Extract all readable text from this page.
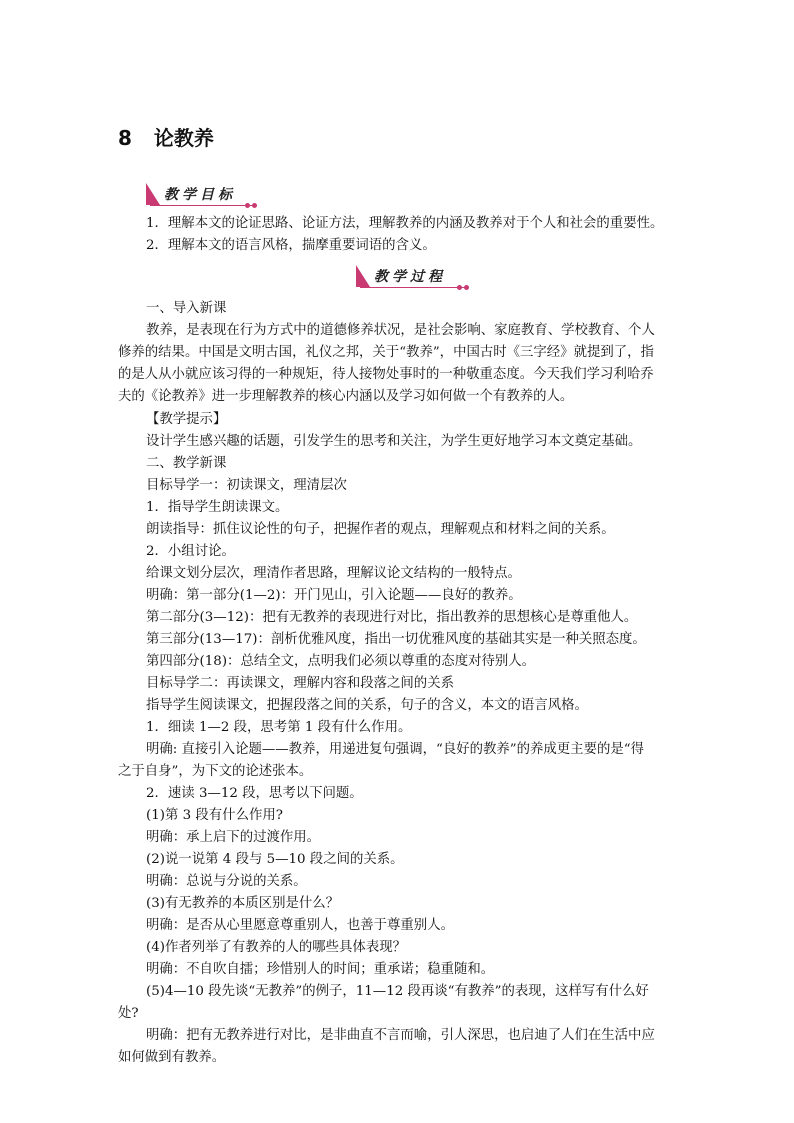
8 论教养
教学目标
教学过程
1．理解本文的论证思路、论证方法，理解教养的内涵及教养对于个人和社会的重要性。
2．理解本文的语言风格，揣摩重要词语的含义。
一、导入新课
教养，是表现在行为方式中的道德修养状况，是社会影响、家庭教育、学校教育、个人
修养的结果。中国是文明古国，礼仪之邦，关于“教养”，中国古时《三字经》就提到了，指
的是人从小就应该习得的一种规矩，待人接物处事时的一种敬重态度。今天我们学习利哈乔
夫的《论教养》进一步理解教养的核心内涵以及学习如何做一个有教养的人。
【教学提示】
设计学生感兴趣的话题，引发学生的思考和关注，为学生更好地学习本文奠定基础。
二、教学新课
目标导学一：初读课文，理清层次
1．指导学生朗读课文。
朗读指导：抓住议论性的句子，把握作者的观点，理解观点和材料之间的关系。
2．小组讨论。
给课文划分层次，理清作者思路，理解议论文结构的一般特点。
明确：第一部分(1—2)：开门见山，引入论题——良好的教养。
第二部分(3—12)：把有无教养的表现进行对比，指出教养的思想核心是尊重他人。
第三部分(13—17)：剖析优雅风度，指出一切优雅风度的基础其实是一种关照态度。
第四部分(18)：总结全文，点明我们必须以尊重的态度对待别人。
目标导学二：再读课文，理解内容和段落之间的关系
指导学生阅读课文，把握段落之间的关系，句子的含义，本文的语言风格。
1．细读 1—2 段，思考第 1 段有什么作用。
明确: 直接引入论题——教养，用递进复句强调，“良好的教养”的养成更主要的是“得
之于自身”，为下文的论述张本。
2．速读 3—12 段，思考以下问题。
(1)第 3 段有什么作用?
明确：承上启下的过渡作用。
(2)说一说第 4 段与 5—10 段之间的关系。
明确：总说与分说的关系。
(3)有无教养的本质区别是什么？
明确：是否从心里愿意尊重别人，也善于尊重别人。
(4)作者列举了有教养的人的哪些具体表现？
明确：不自吹自擂；珍惜别人的时间；重承诺；稳重随和。
(5)4—10 段先谈“无教养”的例子，11—12 段再谈“有教养”的表现，这样写有什么好
处?
明确：把有无教养进行对比，是非曲直不言而喻，引人深思，也启迪了人们在生活中应
如何做到有教养。
